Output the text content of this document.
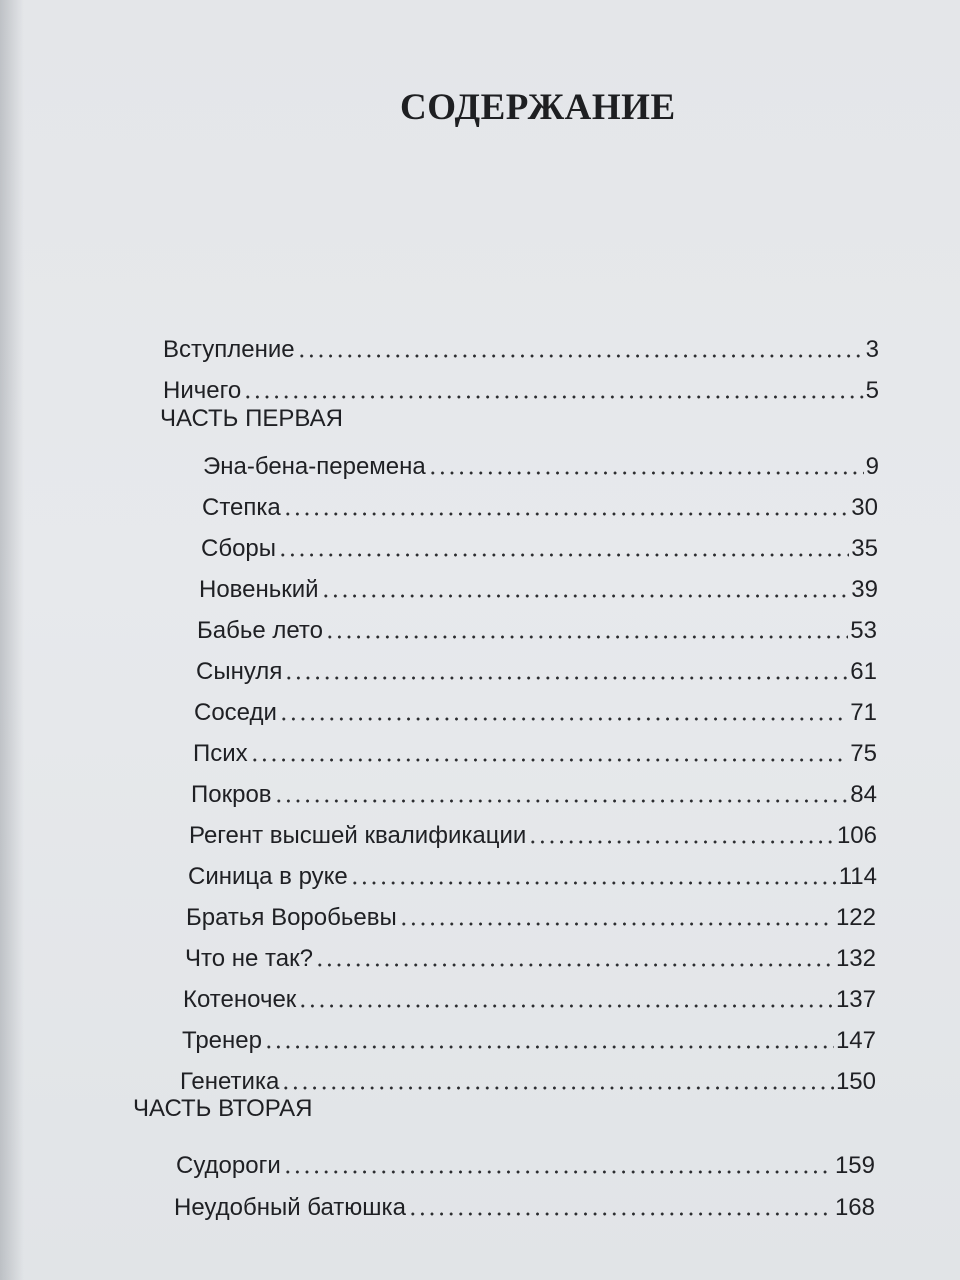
СОДЕРЖАНИЕ
Вступление	3
Ничего	5
ЧАСТЬ ПЕРВАЯ
Эна-бена-перемена	9
Степка	30
Сборы	35
Новенький	39
Бабье лето	53
Сынуля	61
Соседи	71
Псих	75
Покров	84
Регент высшей квалификации	106
Синица в руке	114
Братья Воробьевы	122
Что не так?	132
Котеночек	137
Тренер	147
Генетика	150
ЧАСТЬ ВТОРАЯ
Судороги	159
Неудобный батюшка	168
